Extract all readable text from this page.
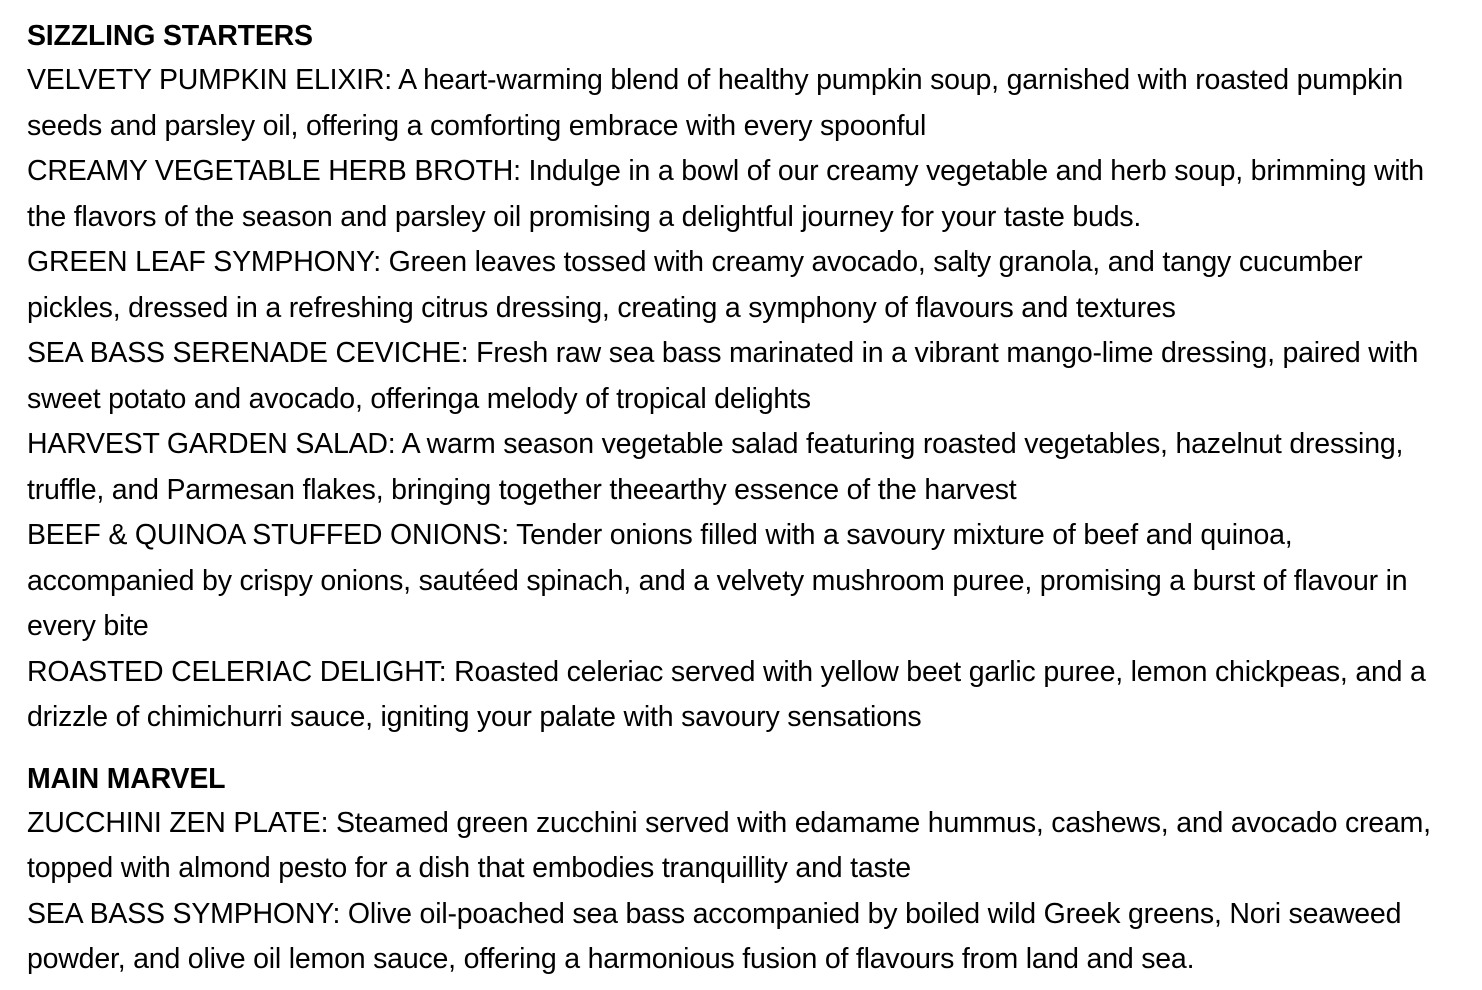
SIZZLING STARTERS

VELVETY PUMPKIN ELIXIR: A heart-warming blend of healthy pumpkin soup, garnished with roasted pumpkin seeds and parsley oil, offering a comforting embrace with every spoonful

CREAMY VEGETABLE HERB BROTH: Indulge in a bowl of our creamy vegetable and herb soup, brimming with the flavors of the season and parsley oil promising a delightful journey for your taste buds.

GREEN LEAF SYMPHONY: Green leaves tossed with creamy avocado, salty granola, and tangy cucumber pickles, dressed in a refreshing citrus dressing, creating a symphony of flavours and textures

SEA BASS SERENADE CEVICHE: Fresh raw sea bass marinated in a vibrant mango-lime dressing, paired with sweet potato and avocado, offeringa melody of tropical delights

HARVEST GARDEN SALAD: A warm season vegetable salad featuring roasted vegetables, hazelnut dressing, truffle, and Parmesan flakes, bringing together theearthy essence of the harvest

BEEF & QUINOA STUFFED ONIONS: Tender onions filled with a savoury mixture of beef and quinoa, accompanied by crispy onions, sautéed spinach, and a velvety mushroom puree, promising a burst of flavour in every bite

ROASTED CELERIAC DELIGHT: Roasted celeriac served with yellow beet garlic puree, lemon chickpeas, and a drizzle of chimichurri sauce, igniting your palate with savoury sensations

MAIN MARVEL

ZUCCHINI ZEN PLATE: Steamed green zucchini served with edamame hummus, cashews, and avocado cream, topped with almond pesto for a dish that embodies tranquillity and taste

SEA BASS SYMPHONY: Olive oil-poached sea bass accompanied by boiled wild Greek greens, Nori seaweed powder, and olive oil lemon sauce, offering a harmonious fusion of flavours from land and sea.
